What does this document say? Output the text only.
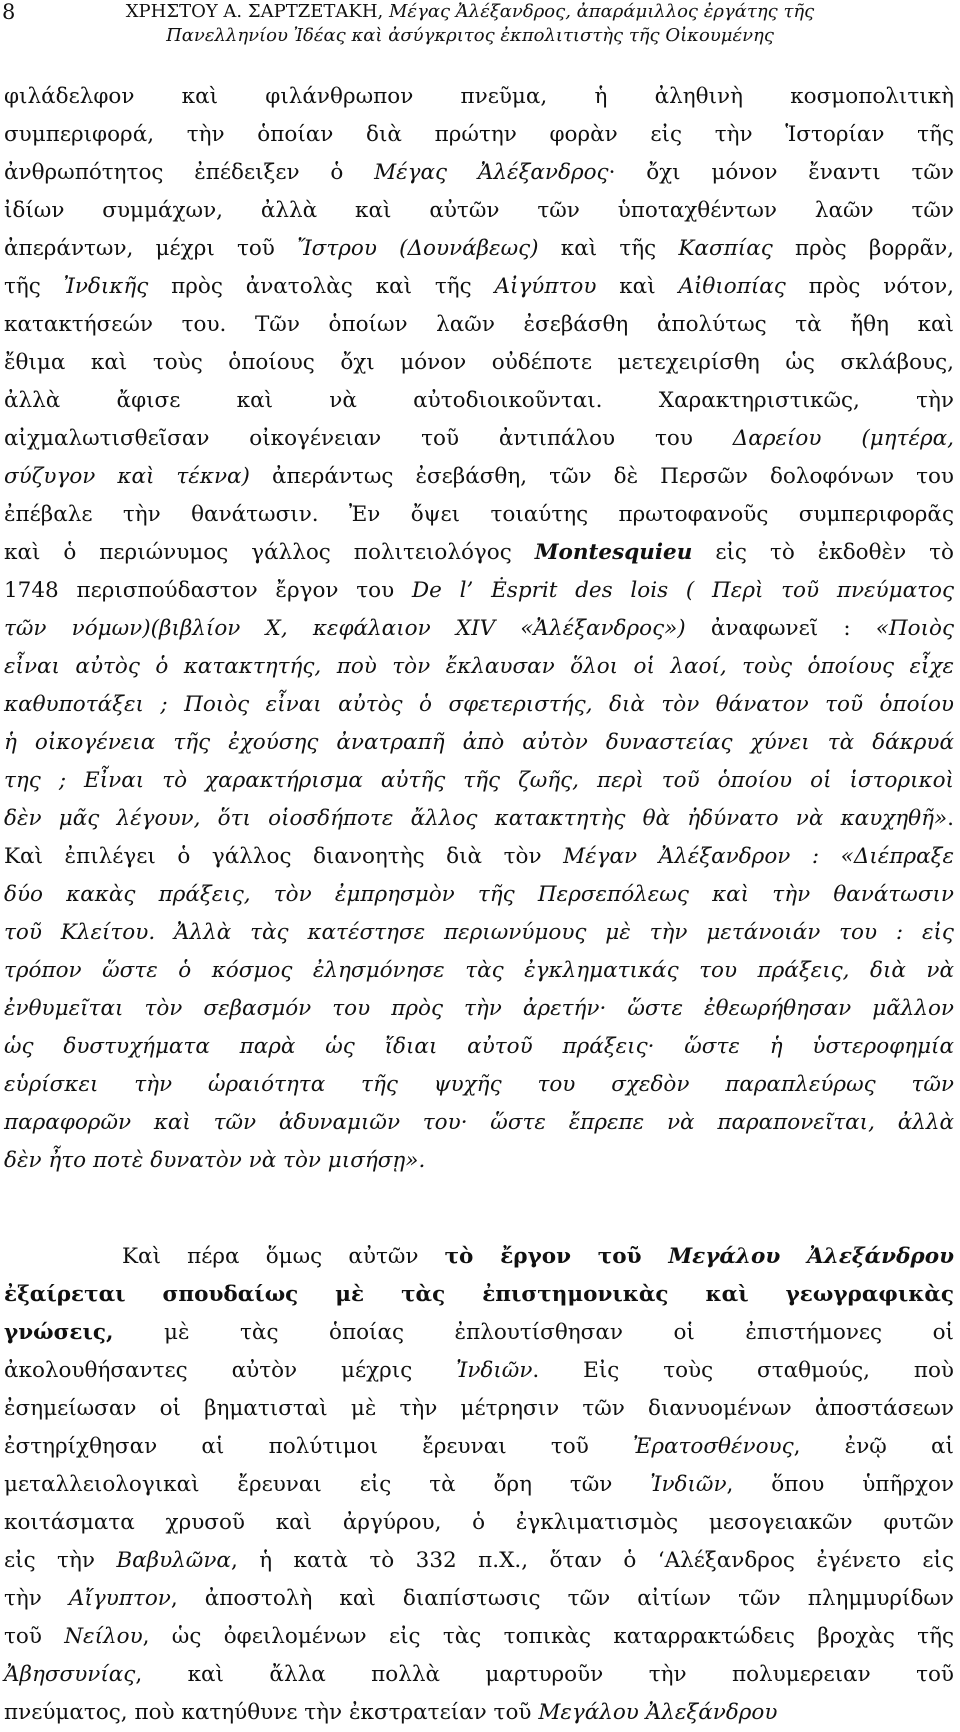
8	ΧΡΗΣΤΟΥ Α. ΣΑΡΤΖΕΤΑΚΗ, Μέγας Ἀλέξανδρος, ἀπαράμιλλος ἐργάτης τῆς
Πανελληνίου Ἰδέας καὶ ἀσύγκριτος ἐκπολιτιστὴς τῆς Οἰκουμένης
φιλάδελφον καὶ φιλάνθρωπον πνεῦμα, ἡ ἀληθινὴ κοσμοπολιτικὴ
συμπεριφορά, τὴν ὁποίαν διὰ πρώτην φορὰν εἰς τὴν Ἱστορίαν τῆς
ἀνθρωπότητος ἐπέδειξεν ὁ Μέγας Ἀλέξανδρος· ὄχι μόνον ἔναντι τῶν
ἰδίων συμμάχων, ἀλλὰ καὶ αὐτῶν τῶν ὑποταχθέντων λαῶν τῶν
ἀπεράντων, μέχρι τοῦ Ἴστρου (Δουνάβεως) καὶ τῆς Κασπίας πρὸς βορρᾶν,
τῆς Ἰνδικῆς πρὸς ἀνατολὰς καὶ τῆς Αἰγύπτου καὶ Αἰθιοπίας πρὸς νότον,
κατακτήσεών του. Τῶν ὁποίων λαῶν ἐσεβάσθη ἀπολύτως τὰ ἤθη καὶ
ἔθιμα καὶ τοὺς ὁποίους ὄχι μόνον οὐδέποτε μετεχειρίσθη ὡς σκλάβους,
ἀλλὰ ἄφισε καὶ νὰ αὐτοδιοικοῦνται. Χαρακτηριστικῶς, τὴν
αἰχμαλωτισθεῖσαν οἰκογένειαν τοῦ ἀντιπάλου του Δαρείου (μητέρα,
σύζυγον καὶ τέκνα) ἀπεράντως ἐσεβάσθη, τῶν δὲ Περσῶν δολοφόνων του
ἐπέβαλε τὴν θανάτωσιν. Ἐν ὄψει τοιαύτης πρωτοφανοῦς συμπεριφορᾶς
καὶ ὁ περιώνυμος γάλλος πολιτειολόγος Montesquieu εἰς τὸ ἐκδοθὲν τὸ
1748 περισπούδαστον ἔργον του De l’ Ėsprit des lois ( Περὶ τοῦ πνεύματος
τῶν νόμων)(βιβλίον Χ, κεφάλαιον ΧΙV «Ἀλέξανδρος») ἀναφωνεῖ : «Ποιὸς
εἶναι αὐτὸς ὁ κατακτητής, ποὺ τὸν ἔκλαυσαν ὅλοι οἱ λαοί, τοὺς ὁποίους εἶχε
καθυποτάξει ; Ποιὸς εἶναι αὐτὸς ὁ σφετεριστής, διὰ τὸν θάνατον τοῦ ὁποίου
ἡ οἰκογένεια τῆς ἐχούσης ἀνατραπῆ ἀπὸ αὐτὸν δυναστείας χύνει τὰ δάκρυά
της ; Εἶναι τὸ χαρακτήρισμα αὐτῆς τῆς ζωῆς, περὶ τοῦ ὁποίου οἱ ἱστορικοὶ
δὲν μᾶς λέγουν, ὅτι οἱοσδήποτε ἄλλος κατακτητὴς θὰ ἠδύνατο νὰ καυχηθῆ».
Καὶ ἐπιλέγει ὁ γάλλος διανοητὴς διὰ τὸν Μέγαν Ἀλέξανδρον : «Διέπραξε
δύο κακὰς πράξεις, τὸν ἐμπρησμὸν τῆς Περσεπόλεως καὶ τὴν θανάτωσιν
τοῦ Κλείτου. Ἀλλὰ τὰς κατέστησε περιωνύμους μὲ τὴν μετάνοιάν του : εἰς
τρόπον ὥστε ὁ κόσμος ἐλησμόνησε τὰς ἐγκληματικάς του πράξεις, διὰ νὰ
ἐνθυμεῖται τὸν σεβασμόν του πρὸς τὴν ἀρετήν· ὥστε ἐθεωρήθησαν μᾶλλον
ὡς δυστυχήματα παρὰ ὡς ἴδιαι αὐτοῦ πράξεις· ὥστε ἡ ὑστεροφημία
εὑρίσκει τὴν ὡραιότητα τῆς ψυχῆς του σχεδὸν παραπλεύρως τῶν
παραφορῶν καὶ τῶν ἀδυναμιῶν του· ὥστε ἔπρεπε νὰ παραπονεῖται, ἀλλὰ
δὲν ἦτο ποτὲ δυνατὸν νὰ τὸν μισήσῃ».
Καὶ πέρα ὅμως αὐτῶν τὸ ἔργον τοῦ Μεγάλου Ἀλεξάνδρου
ἐξαίρεται σπουδαίως μὲ τὰς ἐπιστημονικὰς καὶ γεωγραφικὰς
γνώσεις, μὲ τὰς ὁποίας ἐπλουτίσθησαν οἱ ἐπιστήμονες οἱ
ἀκολουθήσαντες αὐτὸν μέχρις Ἰνδιῶν. Εἰς τοὺς σταθμούς, ποὺ
ἐσημείωσαν οἱ βηματισταὶ μὲ τὴν μέτρησιν τῶν διανυομένων ἀποστάσεων
ἐστηρίχθησαν αἱ πολύτιμοι ἔρευναι τοῦ Ἐρατοσθένους, ἐνῷ αἱ
μεταλλειολογικαὶ ἔρευναι εἰς τὰ ὄρη τῶν Ἰνδιῶν, ὅπου ὑπῆρχον
κοιτάσματα χρυσοῦ καὶ ἀργύρου, ὁ ἐγκλιματισμὸς μεσογειακῶν φυτῶν
εἰς τὴν Βαβυλῶνα, ἡ κατὰ τὸ 332 π.Χ., ὅταν ὁ ‘Αλέξανδρος ἐγένετο εἰς
τὴν Αἴγυπτον, ἀποστολὴ καὶ διαπίστωσις τῶν αἰτίων τῶν πλημμυρίδων
τοῦ Νείλου, ὡς ὀφειλομένων εἰς τὰς τοπικὰς καταρρακτώδεις βροχὰς τῆς
Ἀβησσυνίας, καὶ ἄλλα πολλὰ μαρτυροῦν τὴν πολυμερειαν τοῦ
πνεύματος, ποὺ κατηύθυνε τὴν ἐκστρατείαν τοῦ Μεγάλου Ἀλεξάνδρου
